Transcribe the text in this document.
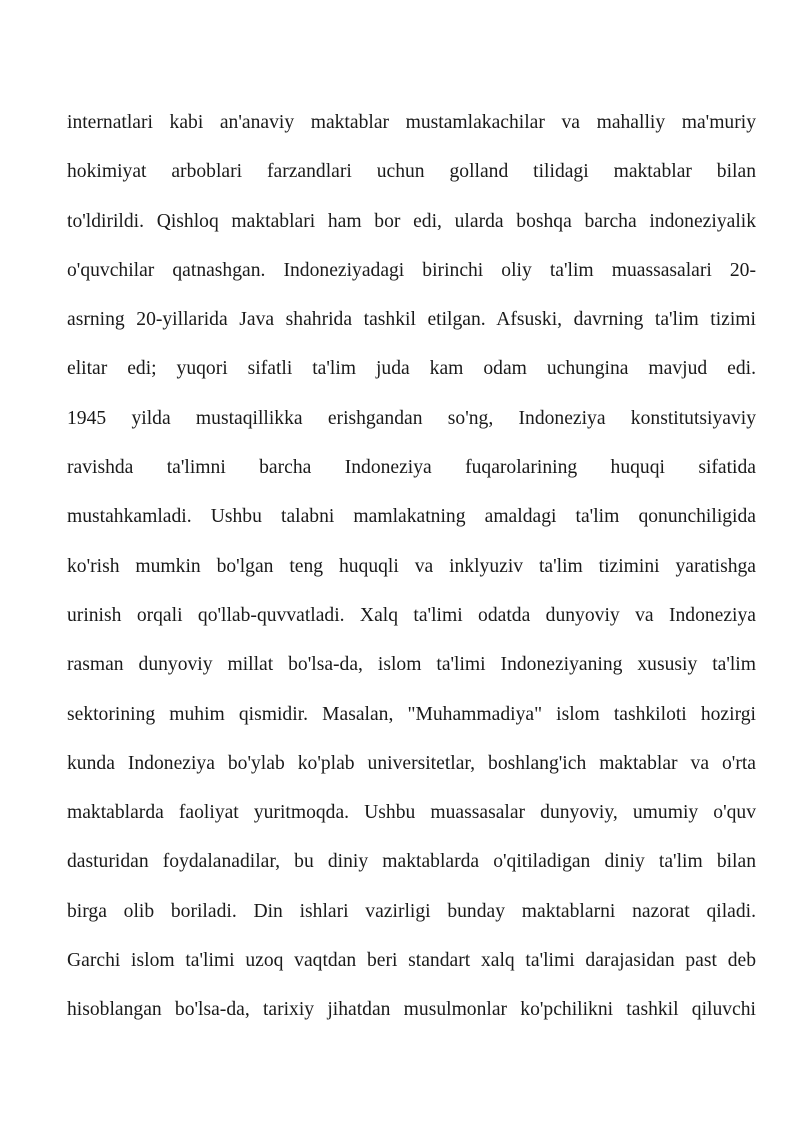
internatlari kabi an'anaviy maktablar mustamlakachilar va mahalliy ma'muriy
hokimiyat arboblari farzandlari uchun golland tilidagi maktablar bilan
to'ldirildi. Qishloq maktablari ham bor edi, ularda boshqa barcha indoneziyalik
o'quvchilar qatnashgan. Indoneziyadagi birinchi oliy ta'lim muassasalari 20-
asrning 20-yillarida Java shahrida tashkil etilgan. Afsuski, davrning ta'lim tizimi
elitar edi; yuqori sifatli ta'lim juda kam odam uchungina mavjud edi.
1945 yilda mustaqillikka erishgandan so'ng, Indoneziya konstitutsiyaviy
ravishda ta'limni barcha Indoneziya fuqarolarining huquqi sifatida
mustahkamladi. Ushbu talabni mamlakatning amaldagi ta'lim qonunchiligida
ko'rish mumkin bo'lgan teng huquqli va inklyuziv ta'lim tizimini yaratishga
urinish orqali qo'llab-quvvatladi. Xalq ta'limi odatda dunyoviy va Indoneziya
rasman dunyoviy millat bo'lsa-da, islom ta'limi Indoneziyaning xususiy ta'lim
sektorining muhim qismidir. Masalan, "Muhammadiya" islom tashkiloti hozirgi
kunda Indoneziya bo'ylab ko'plab universitetlar, boshlang'ich maktablar va o'rta
maktablarda faoliyat yuritmoqda. Ushbu muassasalar dunyoviy, umumiy o'quv
dasturidan foydalanadilar, bu diniy maktablarda o'qitiladigan diniy ta'lim bilan
birga olib boriladi. Din ishlari vazirligi bunday maktablarni nazorat qiladi.
Garchi islom ta'limi uzoq vaqtdan beri standart xalq ta'limi darajasidan past deb
hisoblangan bo'lsa-da, tarixiy jihatdan musulmonlar ko'pchilikni tashkil qiluvchi
